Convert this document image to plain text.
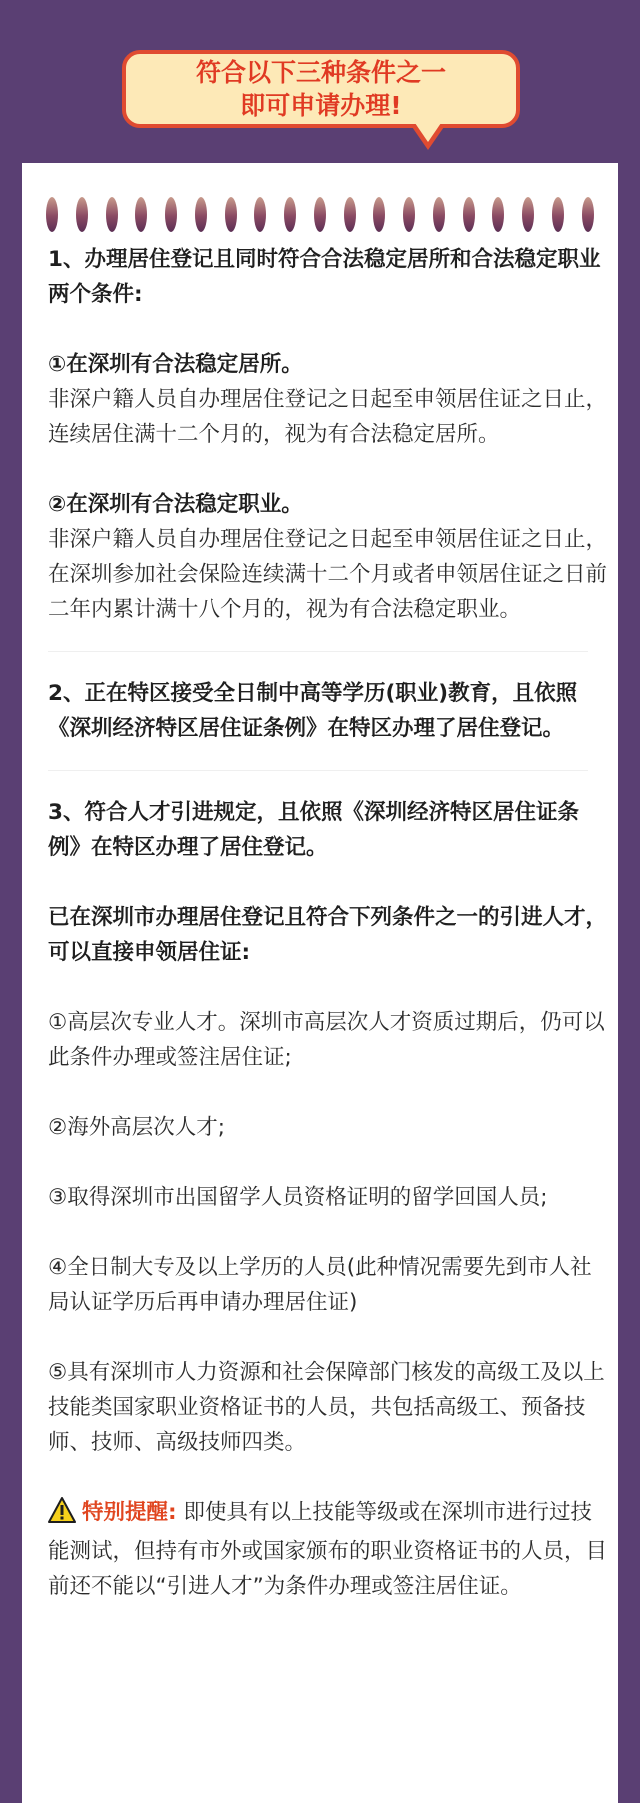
符合以下三种条件之一
即可申请办理!

1、办理居住登记且同时符合合法稳定居所和合法稳定职业两个条件:

①在深圳有合法稳定居所。

非深户籍人员自办理居住登记之日起至申领居住证之日止，连续居住满十二个月的，视为有合法稳定居所。

②在深圳有合法稳定职业。

非深户籍人员自办理居住登记之日起至申领居住证之日止，在深圳参加社会保险连续满十二个月或者申领居住证之日前二年内累计满十八个月的，视为有合法稳定职业。

2、正在特区接受全日制中高等学历(职业)教育，且依照《深圳经济特区居住证条例》在特区办理了居住登记。

3、符合人才引进规定，且依照《深圳经济特区居住证条例》在特区办理了居住登记。

已在深圳市办理居住登记且符合下列条件之一的引进人才，可以直接申领居住证:

①高层次专业人才。深圳市高层次人才资质过期后，仍可以此条件办理或签注居住证;

②海外高层次人才;

③取得深圳市出国留学人员资格证明的留学回国人员;

④全日制大专及以上学历的人员(此种情况需要先到市人社局认证学历后再申请办理居住证)

⑤具有深圳市人力资源和社会保障部门核发的高级工及以上技能类国家职业资格证书的人员，共包括高级工、预备技师、技师、高级技师四类。

特别提醒: 即使具有以上技能等级或在深圳市进行过技能测试，但持有市外或国家颁布的职业资格证书的人员，目前还不能以“引进人才”为条件办理或签注居住证。

知乎 @谜遊教鞘
